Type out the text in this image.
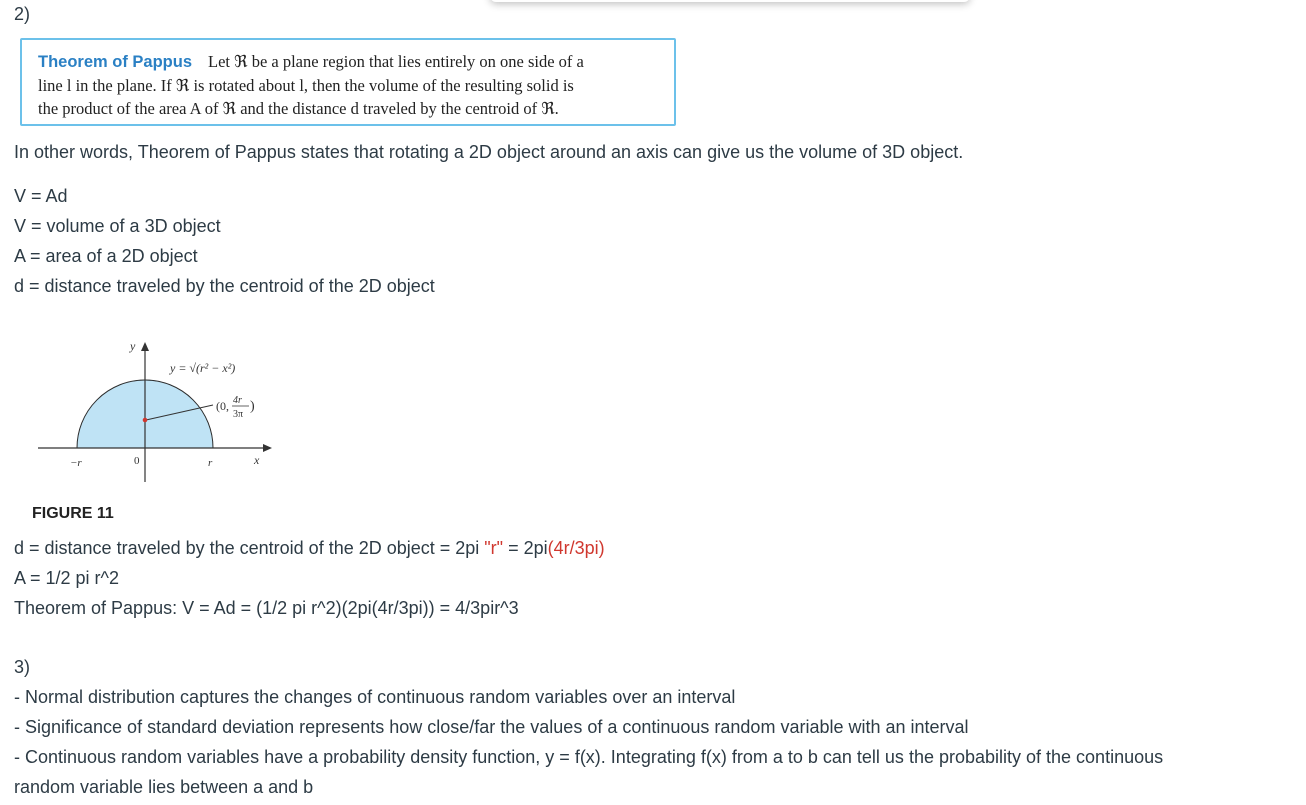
2)
Theorem of Pappus Let ℜ be a plane region that lies entirely on one side of a
line l in the plane. If ℜ is rotated about l, then the volume of the resulting solid is
the product of the area A of ℜ and the distance d traveled by the centroid of ℜ.
In other words, Theorem of Pappus states that rotating a 2D object around an axis can give us the volume of 3D object.
V = Ad
V = volume of a 3D object
A = area of a 2D object
d = distance traveled by the centroid of the 2D object
y
x
−r	0	r
y = √(r² − x²)
(0, 4r
3π
)
FIGURE 11
d = distance traveled by the centroid of the 2D object = 2pi "r" = 2pi(4r/3pi)
A = 1/2 pi r^2
Theorem of Pappus: V = Ad = (1/2 pi r^2)(2pi(4r/3pi)) = 4/3pir^3
3)
- Normal distribution captures the changes of continuous random variables over an interval
- Significance of standard deviation represents how close/far the values of a continuous random variable with an interval
- Continuous random variables have a probability density function, y = f(x). Integrating f(x) from a to b can tell us the probability of the continuous
random variable lies between a and b
